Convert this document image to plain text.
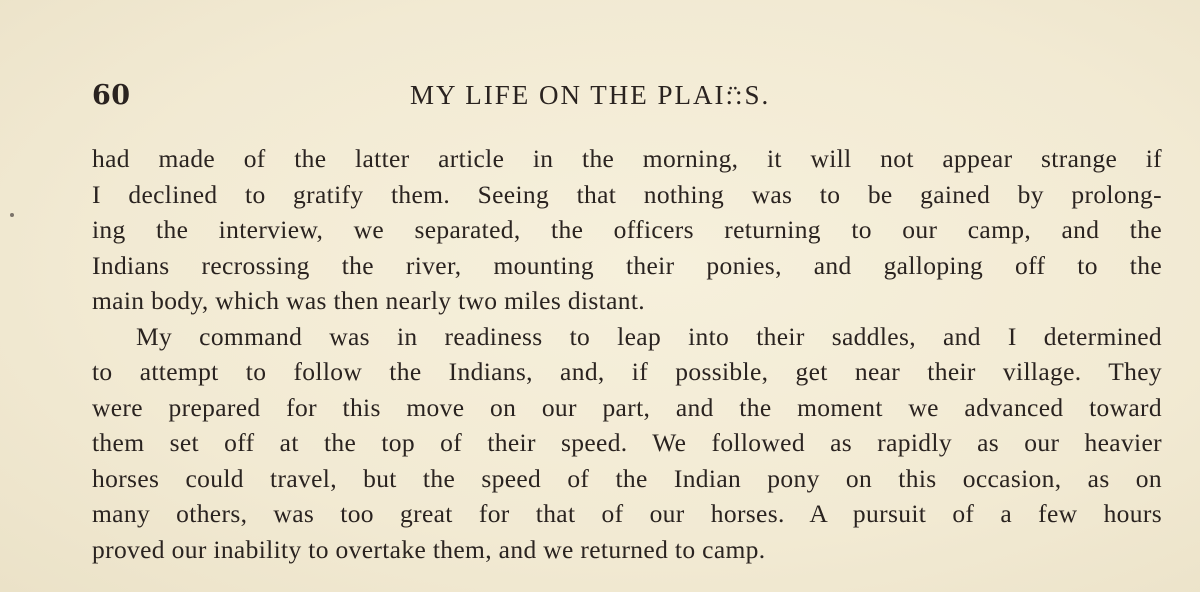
60	MY LIFE ON THE PLAI:̈:S.
had made of the latter article in the morning, it will not appear strange if
I declined to gratify them. Seeing that nothing was to be gained by prolong-
ing the interview, we separated, the officers returning to our camp, and the
Indians recrossing the river, mounting their ponies, and galloping off to the
main body, which was then nearly two miles distant.
My command was in readiness to leap into their saddles, and I determined
to attempt to follow the Indians, and, if possible, get near their village. They
were prepared for this move on our part, and the moment we advanced toward
them set off at the top of their speed. We followed as rapidly as our heavier
horses could travel, but the speed of the Indian pony on this occasion, as on
many others, was too great for that of our horses. A pursuit of a few hours
proved our inability to overtake them, and we returned to camp.
